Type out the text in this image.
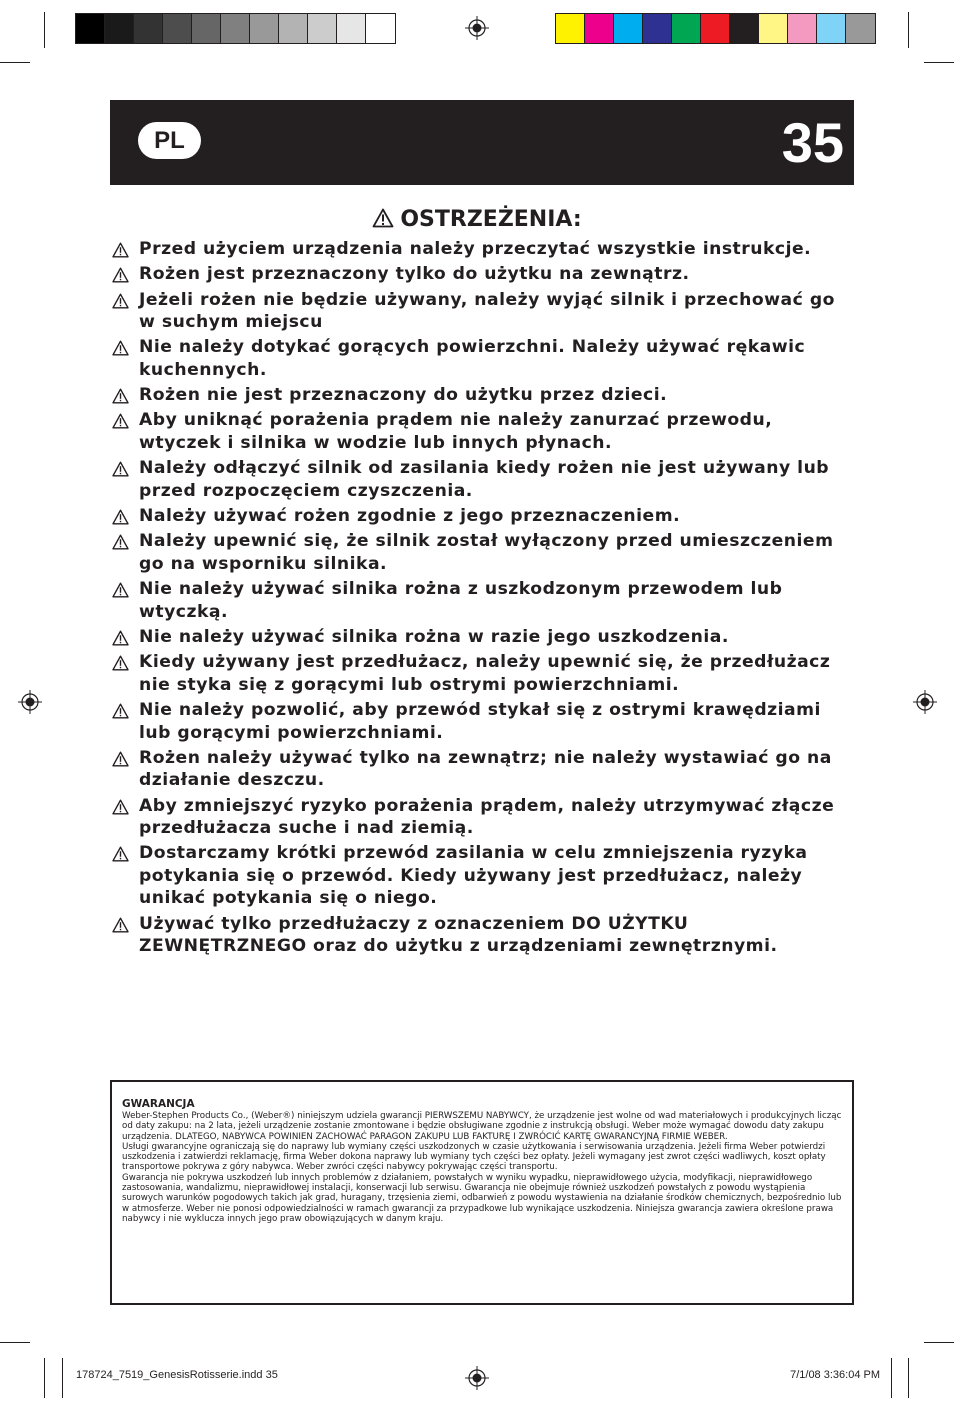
PL	35
OSTRZEŻENIA:
Przed użyciem urządzenia należy przeczytać wszystkie instrukcje.
Rożen jest przeznaczony tylko do użytku na zewnątrz.
Jeżeli rożen nie będzie używany, należy wyjąć silnik i przechować go w suchym miejscu
Nie należy dotykać gorących powierzchni. Należy używać rękawic kuchennych.
Rożen nie jest przeznaczony do użytku przez dzieci.
Aby uniknąć porażenia prądem nie należy zanurzać przewodu, wtyczek i silnika w wodzie lub innych płynach.
Należy odłączyć silnik od zasilania kiedy rożen nie jest używany lub przed rozpoczęciem czyszczenia.
Należy używać rożen zgodnie z jego przeznaczeniem.
Należy upewnić się, że silnik został wyłączony przed umieszczeniem go na wsporniku silnika.
Nie należy używać silnika rożna z uszkodzonym przewodem lub wtyczką.
Nie należy używać silnika rożna w razie jego uszkodzenia.
Kiedy używany jest przedłużacz, należy upewnić się, że przedłużacz nie styka się z gorącymi lub ostrymi powierzchniami.
Nie należy pozwolić, aby przewód stykał się z ostrymi krawędziami lub gorącymi powierzchniami.
Rożen należy używać tylko na zewnątrz; nie należy wystawiać go na działanie deszczu.
Aby zmniejszyć ryzyko porażenia prądem, należy utrzymywać złącze przedłużacza suche i nad ziemią.
Dostarczamy krótki przewód zasilania w celu zmniejszenia ryzyka potykania się o przewód. Kiedy używany jest przedłużacz, należy unikać potykania się o niego.
Używać tylko przedłużaczy z oznaczeniem DO UŻYTKU ZEWNĘTRZNEGO oraz do użytku z urządzeniami zewnętrznymi.
GWARANCJA
Weber-Stephen Products Co., (Weber®) niniejszym udziela gwarancji PIERWSZEMU NABYWCY, że urządzenie jest wolne od wad materiałowych i produkcyjnych licząc od daty zakupu: na 2 lata, jeżeli urządzenie zostanie zmontowane i będzie obsługiwane zgodnie z instrukcją obsługi. Weber może wymagać dowodu daty zakupu urządzenia. DLATEGO, NABYWCA POWINIEN ZACHOWAĆ PARAGON ZAKUPU LUB FAKTURĘ I ZWRÓCIĆ KARTĘ GWARANCYJNĄ FIRMIE WEBER.
Usługi gwarancyjne ograniczają się do naprawy lub wymiany części uszkodzonych w czasie użytkowania i serwisowania urządzenia. Jeżeli firma Weber potwierdzi uszkodzenia i zatwierdzi reklamację, firma Weber dokona naprawy lub wymiany tych części bez opłaty. Jeżeli wymagany jest zwrot części wadliwych, koszt opłaty transportowe pokrywa z góry nabywca. Weber zwróci części nabywcy pokrywając części transportu.
Gwarancja nie pokrywa uszkodzeń lub innych problemów z działaniem, powstałych w wyniku wypadku, nieprawidłowego użycia, modyfikacji, nieprawidłowego zastosowania, wandalizmu, nieprawidłowej instalacji, konserwacji lub serwisu. Gwarancja nie obejmuje również uszkodzeń powstałych z powodu wystąpienia surowych warunków pogodowych takich jak grad, huragany, trzęsienia ziemi, odbarwień z powodu wystawienia na działanie środków chemicznych, bezpośrednio lub w atmosferze. Weber nie ponosi odpowiedzialności w ramach gwarancji za przypadkowe lub wynikające uszkodzenia. Niniejsza gwarancja zawiera określone prawa nabywcy i nie wyklucza innych jego praw obowiązujących w danym kraju.
178724_7519_GenesisRotisserie.indd 35	7/1/08 3:36:04 PM
